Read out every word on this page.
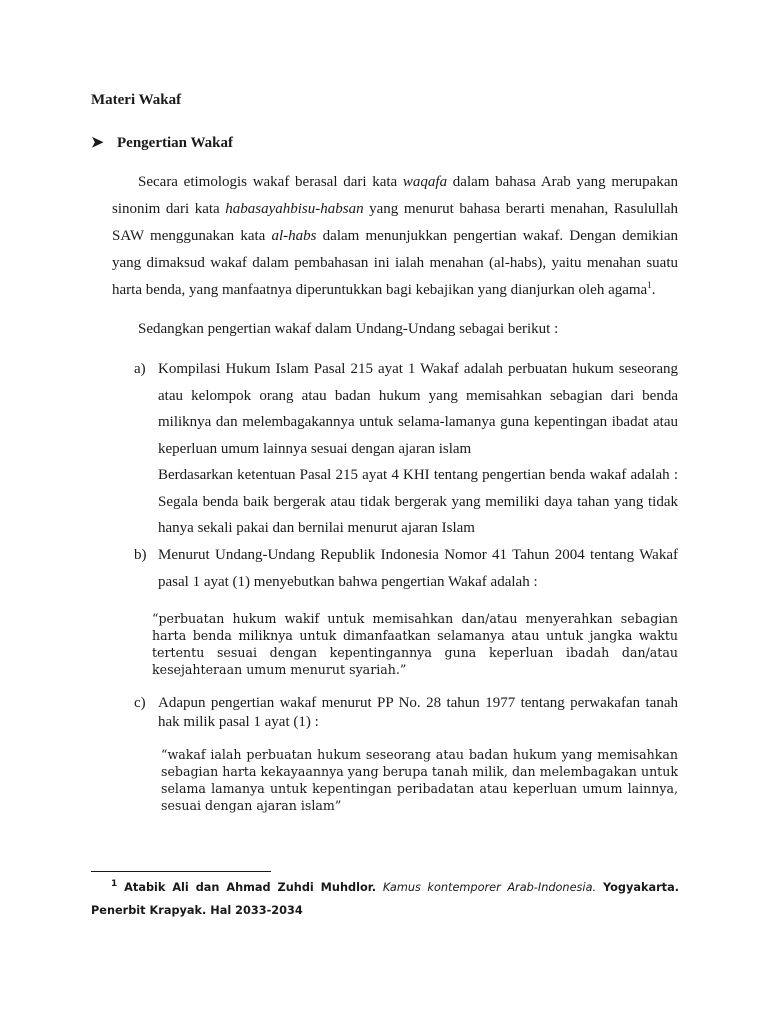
Materi Wakaf
➤ Pengertian Wakaf

Secara etimologis wakaf berasal dari kata waqafa dalam bahasa Arab yang merupakan sinonim dari kata habasayahbisu-habsan yang menurut bahasa berarti menahan, Rasulullah SAW menggunakan kata al-habs dalam menunjukkan pengertian wakaf. Dengan demikian yang dimaksud wakaf dalam pembahasan ini ialah menahan (al-habs), yaitu menahan suatu harta benda, yang manfaatnya diperuntukkan bagi kebajikan yang dianjurkan oleh agama$^1$.

Sedangkan pengertian wakaf dalam Undang-Undang sebagai berikut :

a) Kompilasi Hukum Islam Pasal 215 ayat 1 Wakaf adalah perbuatan hukum seseorang atau kelompok orang atau badan hukum yang memisahkan sebagian dari benda miliknya dan melembagakannya untuk selama-lamanya guna kepentingan ibadat atau keperluan umum lainnya sesuai dengan ajaran islam
Berdasarkan ketentuan Pasal 215 ayat 4 KHI tentang pengertian benda wakaf adalah : Segala benda baik bergerak atau tidak bergerak yang memiliki daya tahan yang tidak hanya sekali pakai dan bernilai menurut ajaran Islam
b) Menurut Undang-Undang Republik Indonesia Nomor 41 Tahun 2004 tentang Wakaf pasal 1 ayat (1) menyebutkan bahwa pengertian Wakaf adalah :

“perbuatan hukum wakif untuk memisahkan dan/atau menyerahkan sebagian harta benda miliknya untuk dimanfaatkan selamanya atau untuk jangka waktu tertentu sesuai dengan kepentingannya guna keperluan ibadah dan/atau kesejahteraan umum menurut syariah.”

c) Adapun pengertian wakaf menurut PP No. 28 tahun 1977 tentang perwakafan tanah hak milik pasal 1 ayat (1) :

“wakaf ialah perbuatan hukum seseorang atau badan hukum yang memisahkan sebagian harta kekayaannya yang berupa tanah milik, dan melembagakan untuk selama lamanya untuk kepentingan peribadatan atau keperluan umum lainnya, sesuai dengan ajaran islam”

$^1$ Atabik Ali dan Ahmad Zuhdi Muhdlor. Kamus kontemporer Arab-Indonesia. Yogyakarta. Penerbit Krapyak. Hal 2033-2034
